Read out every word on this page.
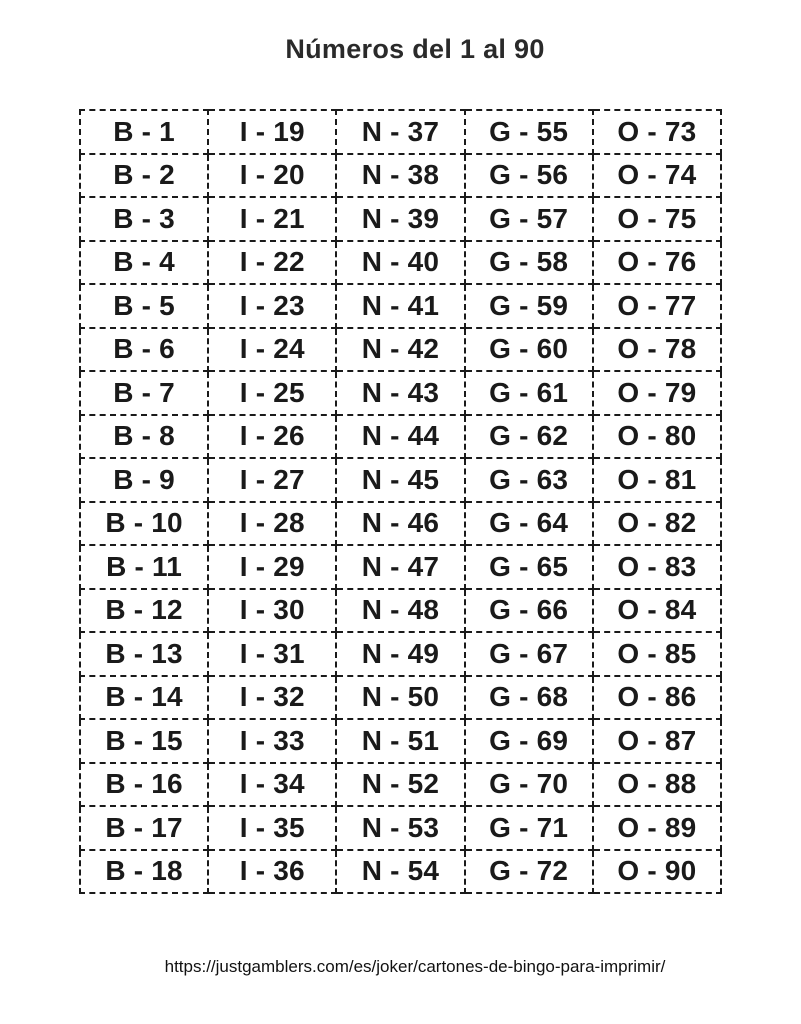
Números del 1 al 90
B - 1	I - 19	N - 37	G - 55	O - 73
B - 2	I - 20	N - 38	G - 56	O - 74
B - 3	I - 21	N - 39	G - 57	O - 75
B - 4	I - 22	N - 40	G - 58	O - 76
B - 5	I - 23	N - 41	G - 59	O - 77
B - 6	I - 24	N - 42	G - 60	O - 78
B - 7	I - 25	N - 43	G - 61	O - 79
B - 8	I - 26	N - 44	G - 62	O - 80
B - 9	I - 27	N - 45	G - 63	O - 81
B - 10	I - 28	N - 46	G - 64	O - 82
B - 11	I - 29	N - 47	G - 65	O - 83
B - 12	I - 30	N - 48	G - 66	O - 84
B - 13	I - 31	N - 49	G - 67	O - 85
B - 14	I - 32	N - 50	G - 68	O - 86
B - 15	I - 33	N - 51	G - 69	O - 87
B - 16	I - 34	N - 52	G - 70	O - 88
B - 17	I - 35	N - 53	G - 71	O - 89
B - 18	I - 36	N - 54	G - 72	O - 90
https://justgamblers.com/es/joker/cartones-de-bingo-para-imprimir/
